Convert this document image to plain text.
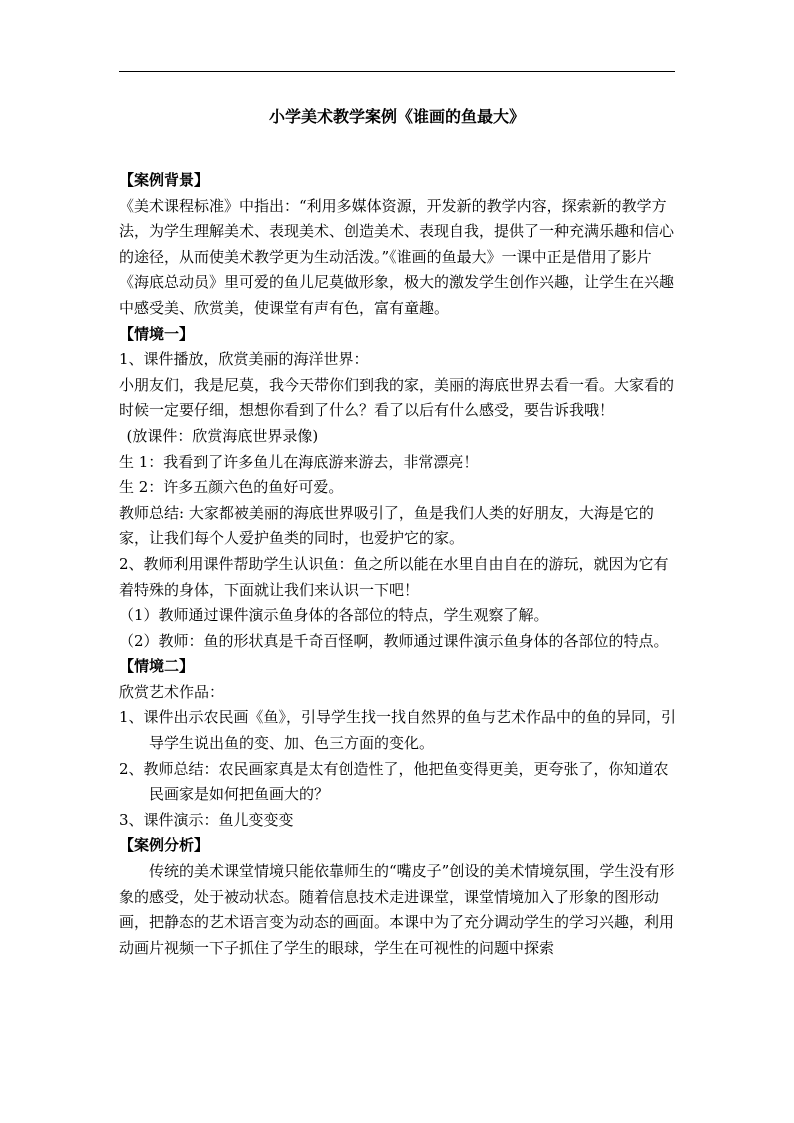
小学美术教学案例《谁画的鱼最大》

【案例背景】

《美术课程标准》中指出：“利用多媒体资源，开发新的教学内容，探索新的教学方法，为学生理解美术、表现美术、创造美术、表现自我，提供了一种充满乐趣和信心的途径，从而使美术教学更为生动活泼。”《谁画的鱼最大》一课中正是借用了影片《海底总动员》里可爱的鱼儿尼莫做形象，极大的激发学生创作兴趣，让学生在兴趣中感受美、欣赏美，使课堂有声有色，富有童趣。

【情境一】

1、课件播放，欣赏美丽的海洋世界：

小朋友们，我是尼莫，我今天带你们到我的家，美丽的海底世界去看一看。大家看的时候一定要仔细，想想你看到了什么？看了以后有什么感受，要告诉我哦！

(放课件：欣赏海底世界录像)

生 1：我看到了许多鱼儿在海底游来游去，非常漂亮！

生 2：许多五颜六色的鱼好可爱。

教师总结: 大家都被美丽的海底世界吸引了，鱼是我们人类的好朋友，大海是它的家，让我们每个人爱护鱼类的同时，也爱护它的家。

2、教师利用课件帮助学生认识鱼：鱼之所以能在水里自由自在的游玩，就因为它有着特殊的身体，下面就让我们来认识一下吧！

（1）教师通过课件演示鱼身体的各部位的特点，学生观察了解。

（2）教师：鱼的形状真是千奇百怪啊，教师通过课件演示鱼身体的各部位的特点。

【情境二】

欣赏艺术作品：

1、课件出示农民画《鱼》，引导学生找一找自然界的鱼与艺术作品中的鱼的异同，引导学生说出鱼的变、加、色三方面的变化。

2、教师总结：农民画家真是太有创造性了，他把鱼变得更美，更夸张了，你知道农民画家是如何把鱼画大的？

3、课件演示：鱼儿变变变

【案例分析】

传统的美术课堂情境只能依靠师生的“嘴皮子”创设的美术情境氛围，学生没有形象的感受，处于被动状态。随着信息技术走进课堂，课堂情境加入了形象的图形动画，把静态的艺术语言变为动态的画面。本课中为了充分调动学生的学习兴趣，利用动画片视频一下子抓住了学生的眼球，学生在可视性的问题中探索
